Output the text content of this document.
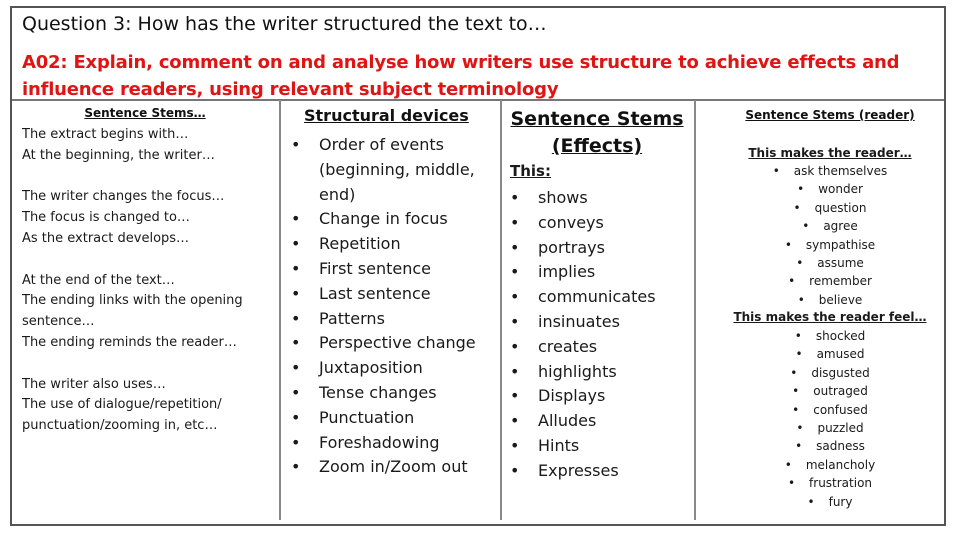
Question 3: How has the writer structured the text to…
A02: Explain, comment on and analyse how writers use structure to achieve effects and influence readers, using relevant subject terminology
Sentence Stems…
The extract begins with…
At the beginning, the writer…
The writer changes the focus…
The focus is changed to…
As the extract develops…
At the end of the text…
The ending links with the opening
sentence…
The ending reminds the reader…
The writer also uses…
The use of dialogue/repetition/
punctuation/zooming in, etc…
Structural devices
• Order of events (beginning, middle, end)
• Change in focus
• Repetition
• First sentence
• Last sentence
• Patterns
• Perspective change
• Juxtaposition
• Tense changes
• Punctuation
• Foreshadowing
• Zoom in/Zoom out
Sentence Stems (Effects)
This:
• shows
• conveys
• portrays
• implies
• communicates
• insinuates
• creates
• highlights
• Displays
• Alludes
• Hints
• Expresses
Sentence Stems (reader)
This makes the reader…
• ask themselves
• wonder
• question
• agree
• sympathise
• assume
• remember
• believe
This makes the reader feel…
• shocked
• amused
• disgusted
• outraged
• confused
• puzzled
• sadness
• melancholy
• frustration
• fury
